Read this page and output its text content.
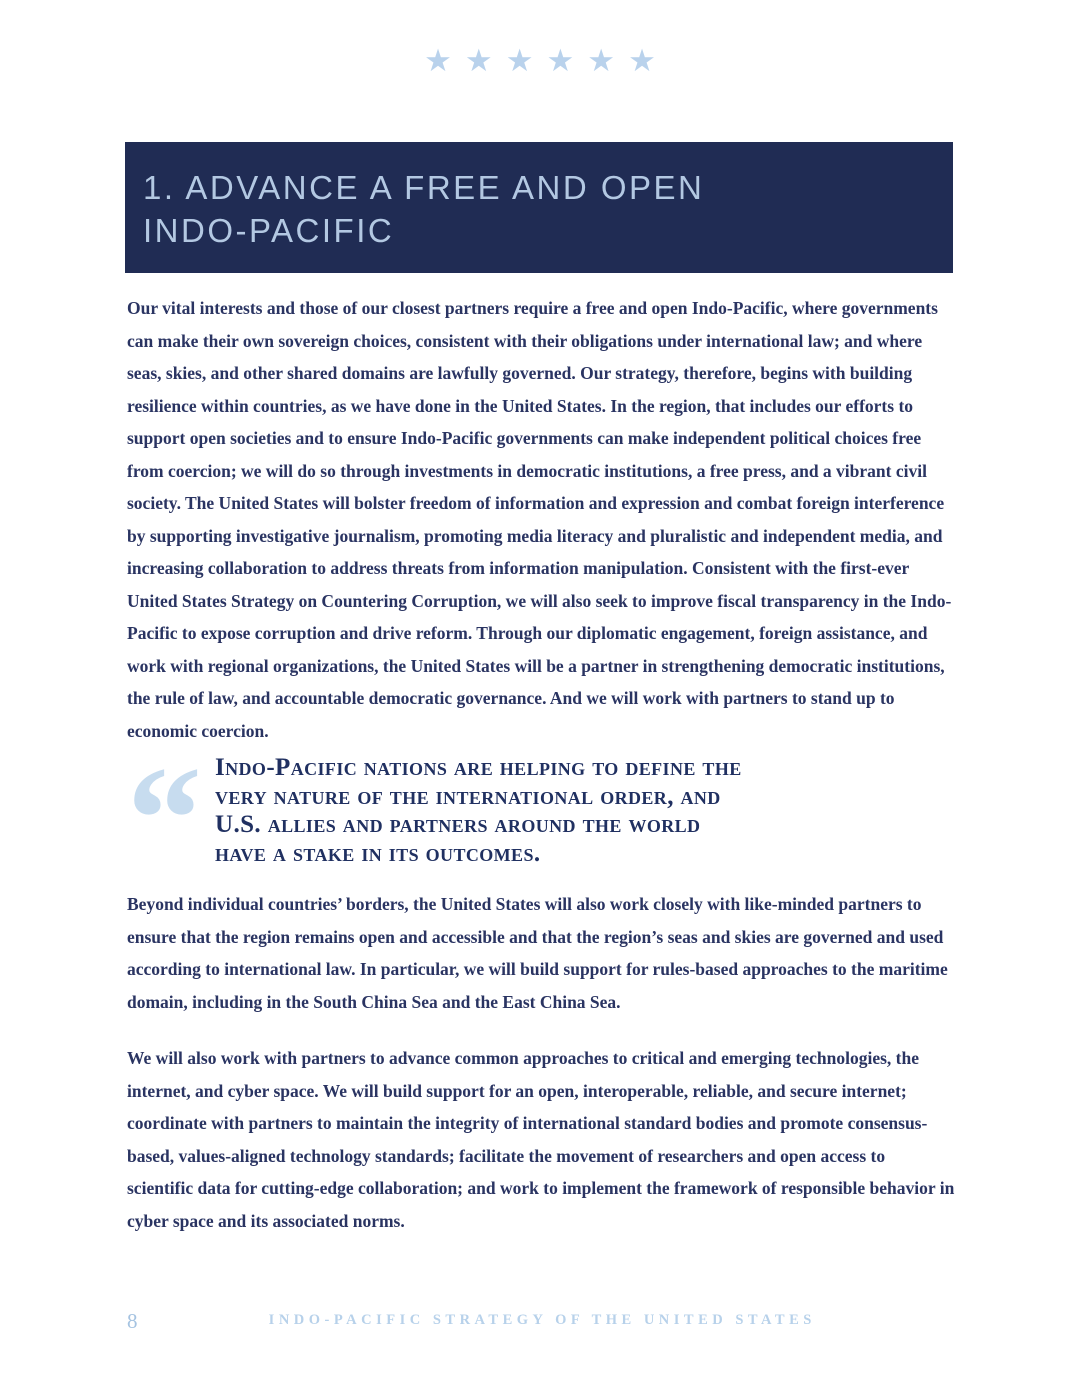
★★★★★★
1. ADVANCE A FREE AND OPEN
INDO-PACIFIC

Our vital interests and those of our closest partners require a free and open Indo-Pacific, where governments can make their own sovereign choices, consistent with their obligations under international law; and where seas, skies, and other shared domains are lawfully governed. Our strategy, therefore, begins with building resilience within countries, as we have done in the United States. In the region, that includes our efforts to support open societies and to ensure Indo-Pacific governments can make independent political choices free from coercion; we will do so through investments in democratic institutions, a free press, and a vibrant civil society. The United States will bolster freedom of information and expression and combat foreign interference by supporting investigative journalism, promoting media literacy and pluralistic and independent media, and increasing collaboration to address threats from information manipulation. Consistent with the first-ever United States Strategy on Countering Corruption, we will also seek to improve fiscal transparency in the Indo-Pacific to expose corruption and drive reform. Through our diplomatic engagement, foreign assistance, and work with regional organizations, the United States will be a partner in strengthening democratic institutions, the rule of law, and accountable democratic governance. And we will work with partners to stand up to economic coercion.

“ Indo-Pacific nations are helping to define the
very nature of the international order, and
U.S. allies and partners around the world
have a stake in its outcomes.

Beyond individual countries’ borders, the United States will also work closely with like-minded partners to ensure that the region remains open and accessible and that the region’s seas and skies are governed and used according to international law. In particular, we will build support for rules-based approaches to the maritime domain, including in the South China Sea and the East China Sea.

We will also work with partners to advance common approaches to critical and emerging technologies, the internet, and cyber space. We will build support for an open, interoperable, reliable, and secure internet; coordinate with partners to maintain the integrity of international standard bodies and promote consensus-based, values-aligned technology standards; facilitate the movement of researchers and open access to scientific data for cutting-edge collaboration; and work to implement the framework of responsible behavior in cyber space and its associated norms.

8	INDO-PACIFIC STRATEGY OF THE UNITED STATES
